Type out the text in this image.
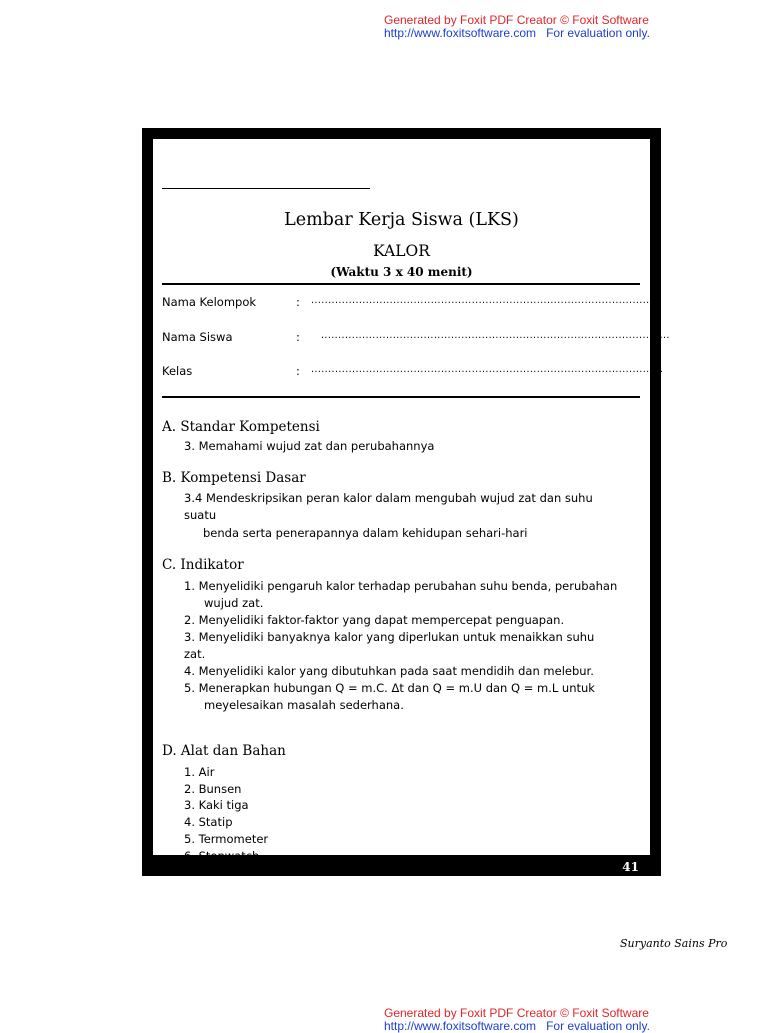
Generated by Foxit PDF Creator © Foxit Software
http://www.foxitsoftware.com For evaluation only.
Lembar Kerja Siswa (LKS)
KALOR
(Waktu 3 x 40 menit)
Nama Kelompok	: ......................................................................................................
Nama Siswa	: ......................................................................................................
Kelas	: .......................................................................................................
A. Standar Kompetensi
3. Memahami wujud zat dan perubahannya
B. Kompetensi Dasar
3.4 Mendeskripsikan peran kalor dalam mengubah wujud zat dan suhu
suatu
benda serta penerapannya dalam kehidupan sehari-hari
C. Indikator
1. Menyelidiki pengaruh kalor terhadap perubahan suhu benda, perubahan
wujud zat.
2. Menyelidiki faktor-faktor yang dapat mempercepat penguapan.
3. Menyelidiki banyaknya kalor yang diperlukan untuk menaikkan suhu
zat.
4. Menyelidiki kalor yang dibutuhkan pada saat mendidih dan melebur.
5. Menerapkan hubungan Q = m.C. Δt dan Q = m.U dan Q = m.L untuk
meyelesaikan masalah sederhana.
D. Alat dan Bahan
1. Air
2. Bunsen
3. Kaki tiga
4. Statip
5. Termometer
6. Stopwatch
41
7. Kassa
Suryanto Sains Pro
Generated by Foxit PDF Creator © Foxit Software
http://www.foxitsoftware.com For evaluation only.
